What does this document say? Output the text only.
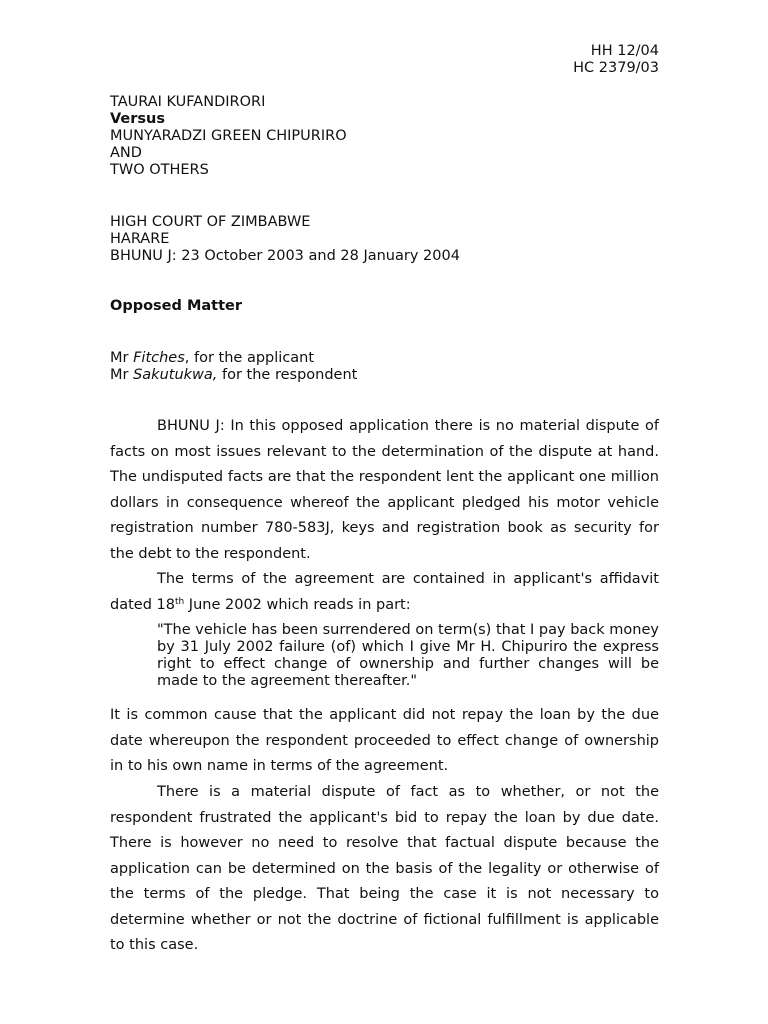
HH 12/04
HC 2379/03
TAURAI KUFANDIRORI
Versus
MUNYARADZI GREEN CHIPURIRO
AND
TWO OTHERS
HIGH COURT OF ZIMBABWE
HARARE
BHUNU J: 23 October 2003 and 28 January 2004
Opposed Matter
Mr Fitches, for the applicant
Mr Sakutukwa, for the respondent

BHUNU J: In this opposed application there is no material dispute of facts on most issues relevant to the determination of the dispute at hand. The undisputed facts are that the respondent lent the applicant one million dollars in consequence whereof the applicant pledged his motor vehicle registration number 780-583J, keys and registration book as security for the debt to the respondent.

The terms of the agreement are contained in applicant's affidavit dated 18th June 2002 which reads in part:

"The vehicle has been surrendered on term(s) that I pay back money by 31 July 2002 failure (of) which I give Mr H. Chipuriro the express right to effect change of ownership and further changes will be made to the agreement thereafter."

It is common cause that the applicant did not repay the loan by the due date whereupon the respondent proceeded to effect change of ownership in to his own name in terms of the agreement.

There is a material dispute of fact as to whether, or not the respondent frustrated the applicant's bid to repay the loan by due date. There is however no need to resolve that factual dispute because the application can be determined on the basis of the legality or otherwise of the terms of the pledge. That being the case it is not necessary to determine whether or not the doctrine of fictional fulfillment is applicable to this case.
